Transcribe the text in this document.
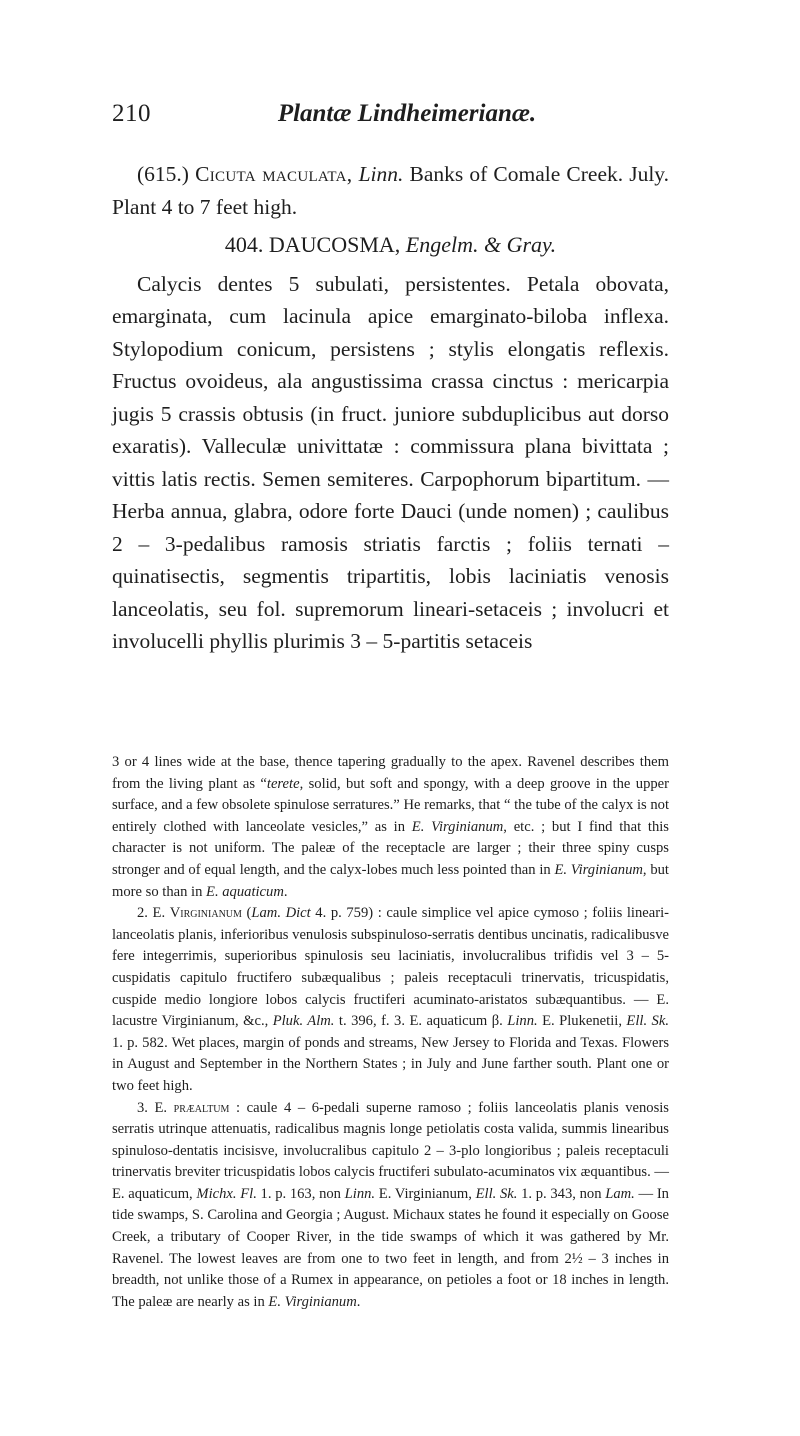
210	Plantæ Lindheimerianæ.

(615.) Cicuta maculata, Linn. Banks of Comale Creek. July. Plant 4 to 7 feet high.

404. DAUCOSMA, Engelm. & Gray.

Calycis dentes 5 subulati, persistentes. Petala obovata, emarginata, cum lacinula apice emarginato-biloba inflexa. Stylopodium conicum, persistens ; stylis elongatis reflexis. Fructus ovoideus, ala angustissima crassa cinctus : mericarpia jugis 5 crassis obtusis (in fruct. juniore subduplicibus aut dorso exaratis). Valleculæ univittatæ : commissura plana bivittata ; vittis latis rectis. Semen semiteres. Carpophorum bipartitum. — Herba annua, glabra, odore forte Dauci (unde nomen) ; caulibus 2 – 3-pedalibus ramosis striatis farctis ; foliis ternati – quinatisectis, segmentis tripartitis, lobis laciniatis venosis lanceolatis, seu fol. supremorum lineari-setaceis ; involucri et involucelli phyllis plurimis 3 – 5-partitis setaceis

3 or 4 lines wide at the base, thence tapering gradually to the apex. Ravenel describes them from the living plant as “terete, solid, but soft and spongy, with a deep groove in the upper surface, and a few obsolete spinulose serratures.” He remarks, that “ the tube of the calyx is not entirely clothed with lanceolate vesicles,” as in E. Virginianum, etc. ; but I find that this character is not uniform. The paleæ of the receptacle are larger ; their three spiny cusps stronger and of equal length, and the calyx-lobes much less pointed than in E. Virginianum, but more so than in E. aquaticum.

2. E. Virginianum (Lam. Dict 4. p. 759) : caule simplice vel apice cymoso ; foliis lineari-lanceolatis planis, inferioribus venulosis subspinuloso-serratis dentibus uncinatis, radicalibusve fere integerrimis, superioribus spinulosis seu laciniatis, involucralibus trifidis vel 3 – 5-cuspidatis capitulo fructifero subæqualibus ; paleis receptaculi trinervatis, tricuspidatis, cuspide medio longiore lobos calycis fructiferi acuminato-aristatos subæquantibus. — E. lacustre Virginianum, &c., Pluk. Alm. t. 396, f. 3. E. aquaticum β. Linn. E. Plukenetii, Ell. Sk. 1. p. 582. Wet places, margin of ponds and streams, New Jersey to Florida and Texas. Flowers in August and September in the Northern States ; in July and June farther south. Plant one or two feet high.

3. E. præaltum : caule 4 – 6-pedali superne ramoso ; foliis lanceolatis planis venosis serratis utrinque attenuatis, radicalibus magnis longe petiolatis costa valida, summis linearibus spinuloso-dentatis incisisve, involucralibus capitulo 2 – 3-plo longioribus ; paleis receptaculi trinervatis breviter tricuspidatis lobos calycis fructiferi subulato-acuminatos vix æquantibus. — E. aquaticum, Michx. Fl. 1. p. 163, non Linn. E. Virginianum, Ell. Sk. 1. p. 343, non Lam. — In tide swamps, S. Carolina and Georgia ; August. Michaux states he found it especially on Goose Creek, a tributary of Cooper River, in the tide swamps of which it was gathered by Mr. Ravenel. The lowest leaves are from one to two feet in length, and from 2½ – 3 inches in breadth, not unlike those of a Rumex in appearance, on petioles a foot or 18 inches in length. The paleæ are nearly as in E. Virginianum.
